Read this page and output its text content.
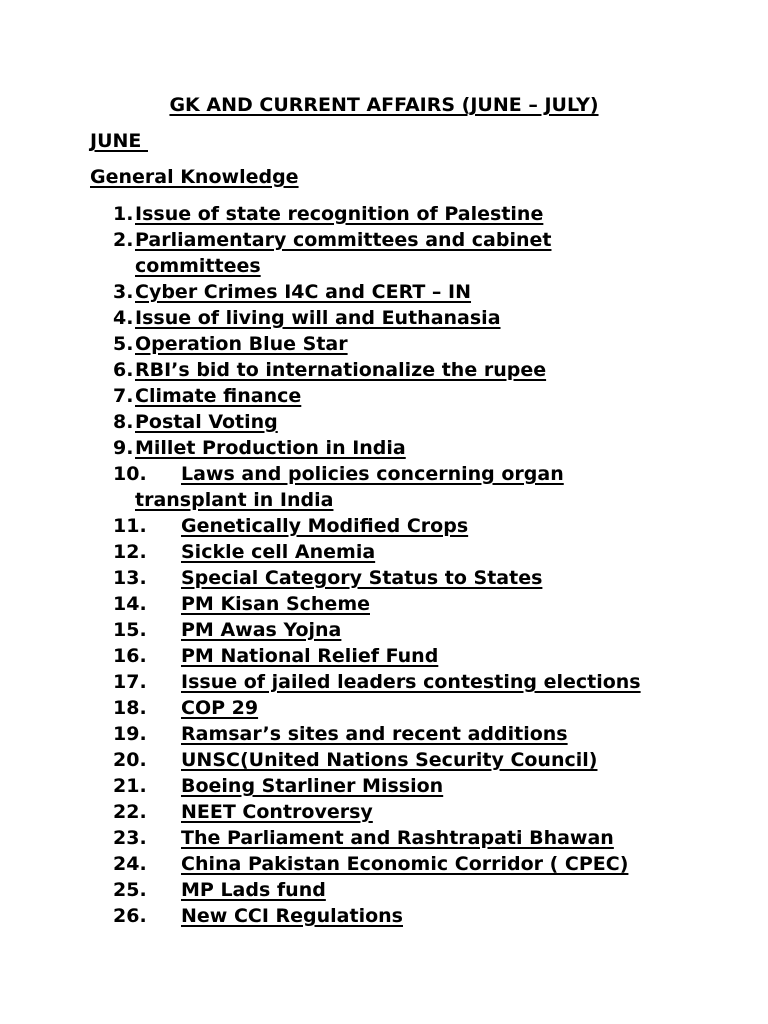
GK AND CURRENT AFFAIRS (JUNE – JULY)
JUNE
General Knowledge
1. Issue of state recognition of Palestine
2. Parliamentary committees and cabinet committees
3. Cyber Crimes I4C and CERT – IN
4. Issue of living will and Euthanasia
5. Operation Blue Star
6. RBI’s bid to internationalize the rupee
7. Climate finance
8. Postal Voting
9. Millet Production in India
10.	Laws and policies concerning organ transplant in India
11.	Genetically Modified Crops
12.	Sickle cell Anemia
13.	Special Category Status to States
14.	PM Kisan Scheme
15.	PM Awas Yojna
16.	PM National Relief Fund
17.	Issue of jailed leaders contesting elections
18.	COP 29
19.	Ramsar’s sites and recent additions
20.	UNSC(United Nations Security Council)
21.	Boeing Starliner Mission
22.	NEET Controversy
23.	The Parliament and Rashtrapati Bhawan
24.	China Pakistan Economic Corridor ( CPEC)
25.	MP Lads fund
26.	New CCI Regulations
